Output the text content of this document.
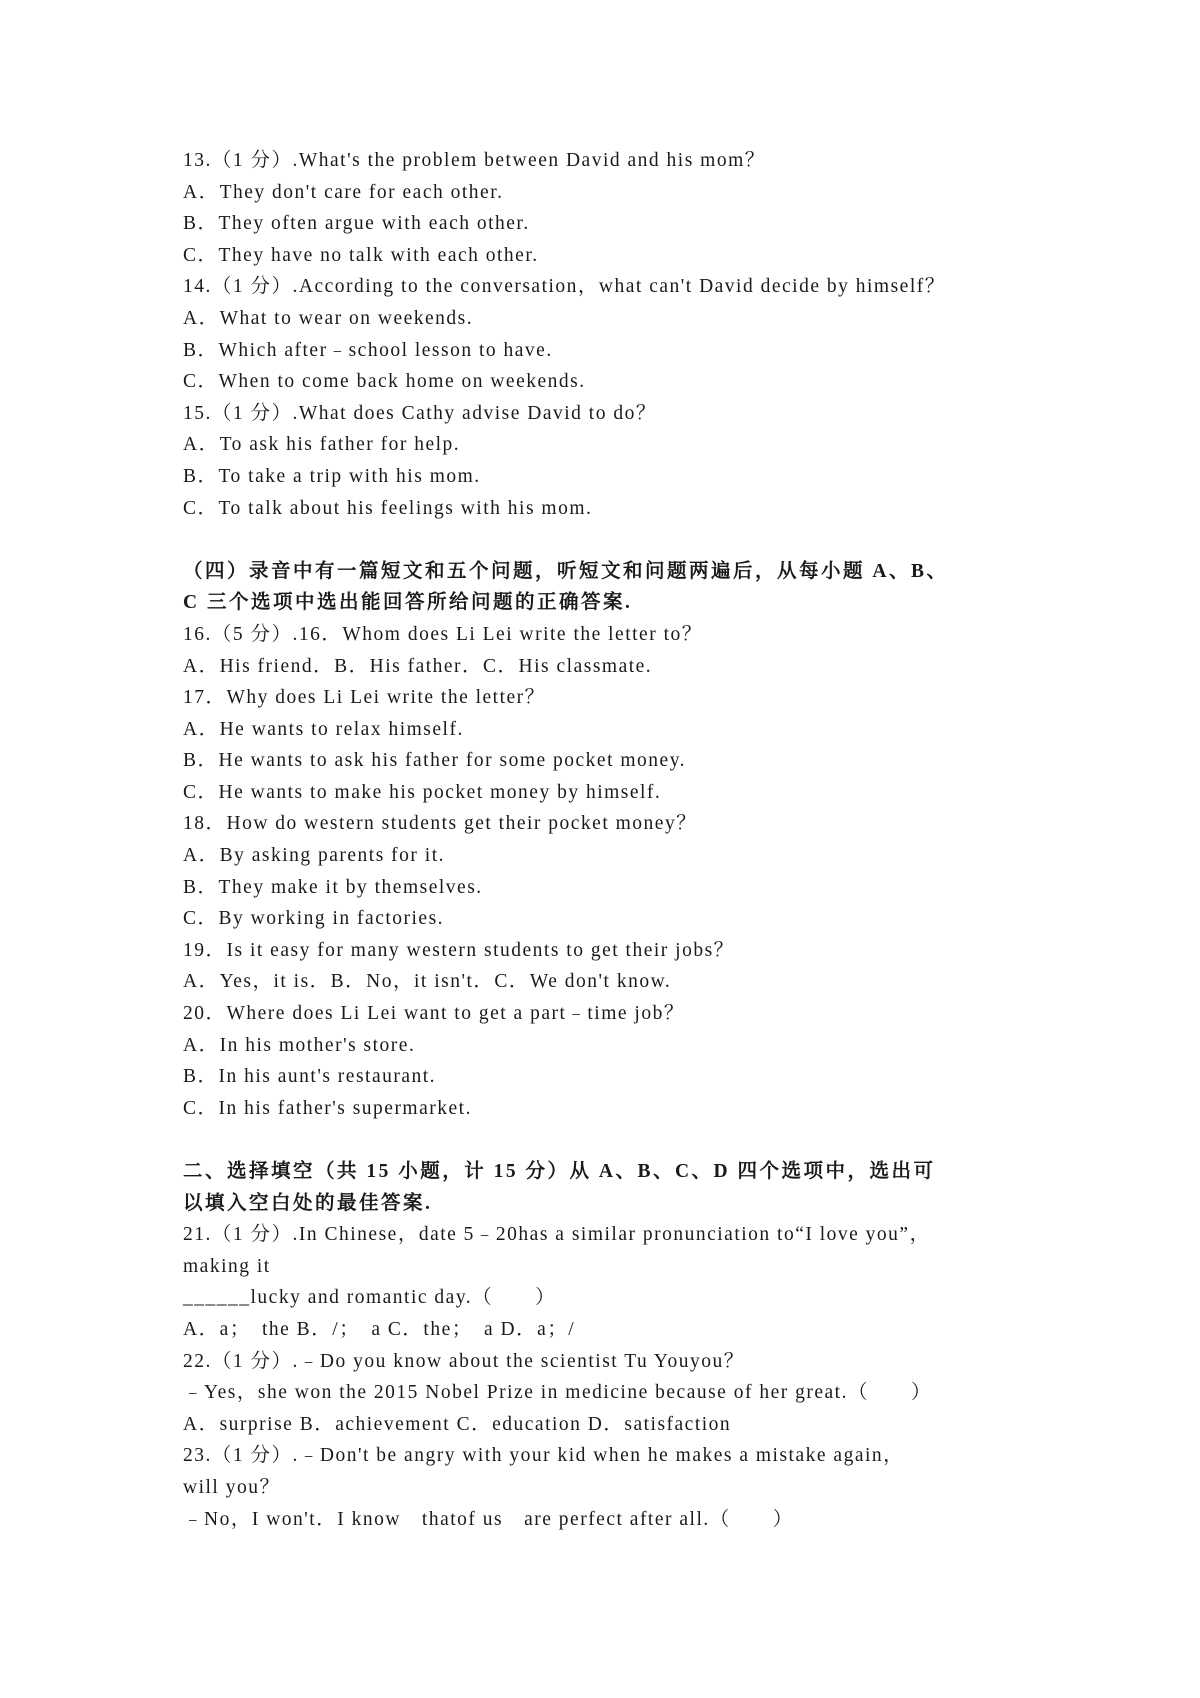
13.（1 分）.What's the problem between David and his mom？
A．They don't care for each other.
B．They often argue with each other.
C．They have no talk with each other.
14.（1 分）.According to the conversation，what can't David decide by himself？
A．What to wear on weekends.
B．Which after﹣school lesson to have.
C．When to come back home on weekends.
15.（1 分）.What does Cathy advise David to do？
A．To ask his father for help.
B．To take a trip with his mom.
C．To talk about his feelings with his mom.
（四）录音中有一篇短文和五个问题，听短文和问题两遍后，从每小题 A、B、
C 三个选项中选出能回答所给问题的正确答案.
16.（5 分）.16．Whom does Li Lei write the letter to？
A．His friend．B．His father．C．His classmate.
17．Why does Li Lei write the letter？
A．He wants to relax himself.
B．He wants to ask his father for some pocket money.
C．He wants to make his pocket money by himself.
18．How do western students get their pocket money？
A．By asking parents for it.
B．They make it by themselves.
C．By working in factories.
19．Is it easy for many western students to get their jobs？
A．Yes，it is．B．No，it isn't．C．We don't know.
20．Where does Li Lei want to get a part﹣time job？
A．In his mother's store.
B．In his aunt's restaurant.
C．In his father's supermarket.
二、选择填空（共 15 小题，计 15 分）从 A、B、C、D 四个选项中，选出可
以填入空白处的最佳答案.
21.（1 分）.In Chinese，date 5﹣20has a similar pronunciation to“I love you”，
making it
______lucky and romantic day.（　　）
A．a；　the B．/；　a C．the；　a D．a；/
22.（1 分）.﹣Do you know about the scientist Tu Youyou？
﹣Yes，she won the 2015 Nobel Prize in medicine because of her great.（　　）
A．surprise B．achievement C．education D．satisfaction
23.（1 分）.﹣Don't be angry with your kid when he makes a mistake again，
will you？
﹣No，I won't．I know　thatof us　are perfect after all.（　　）
